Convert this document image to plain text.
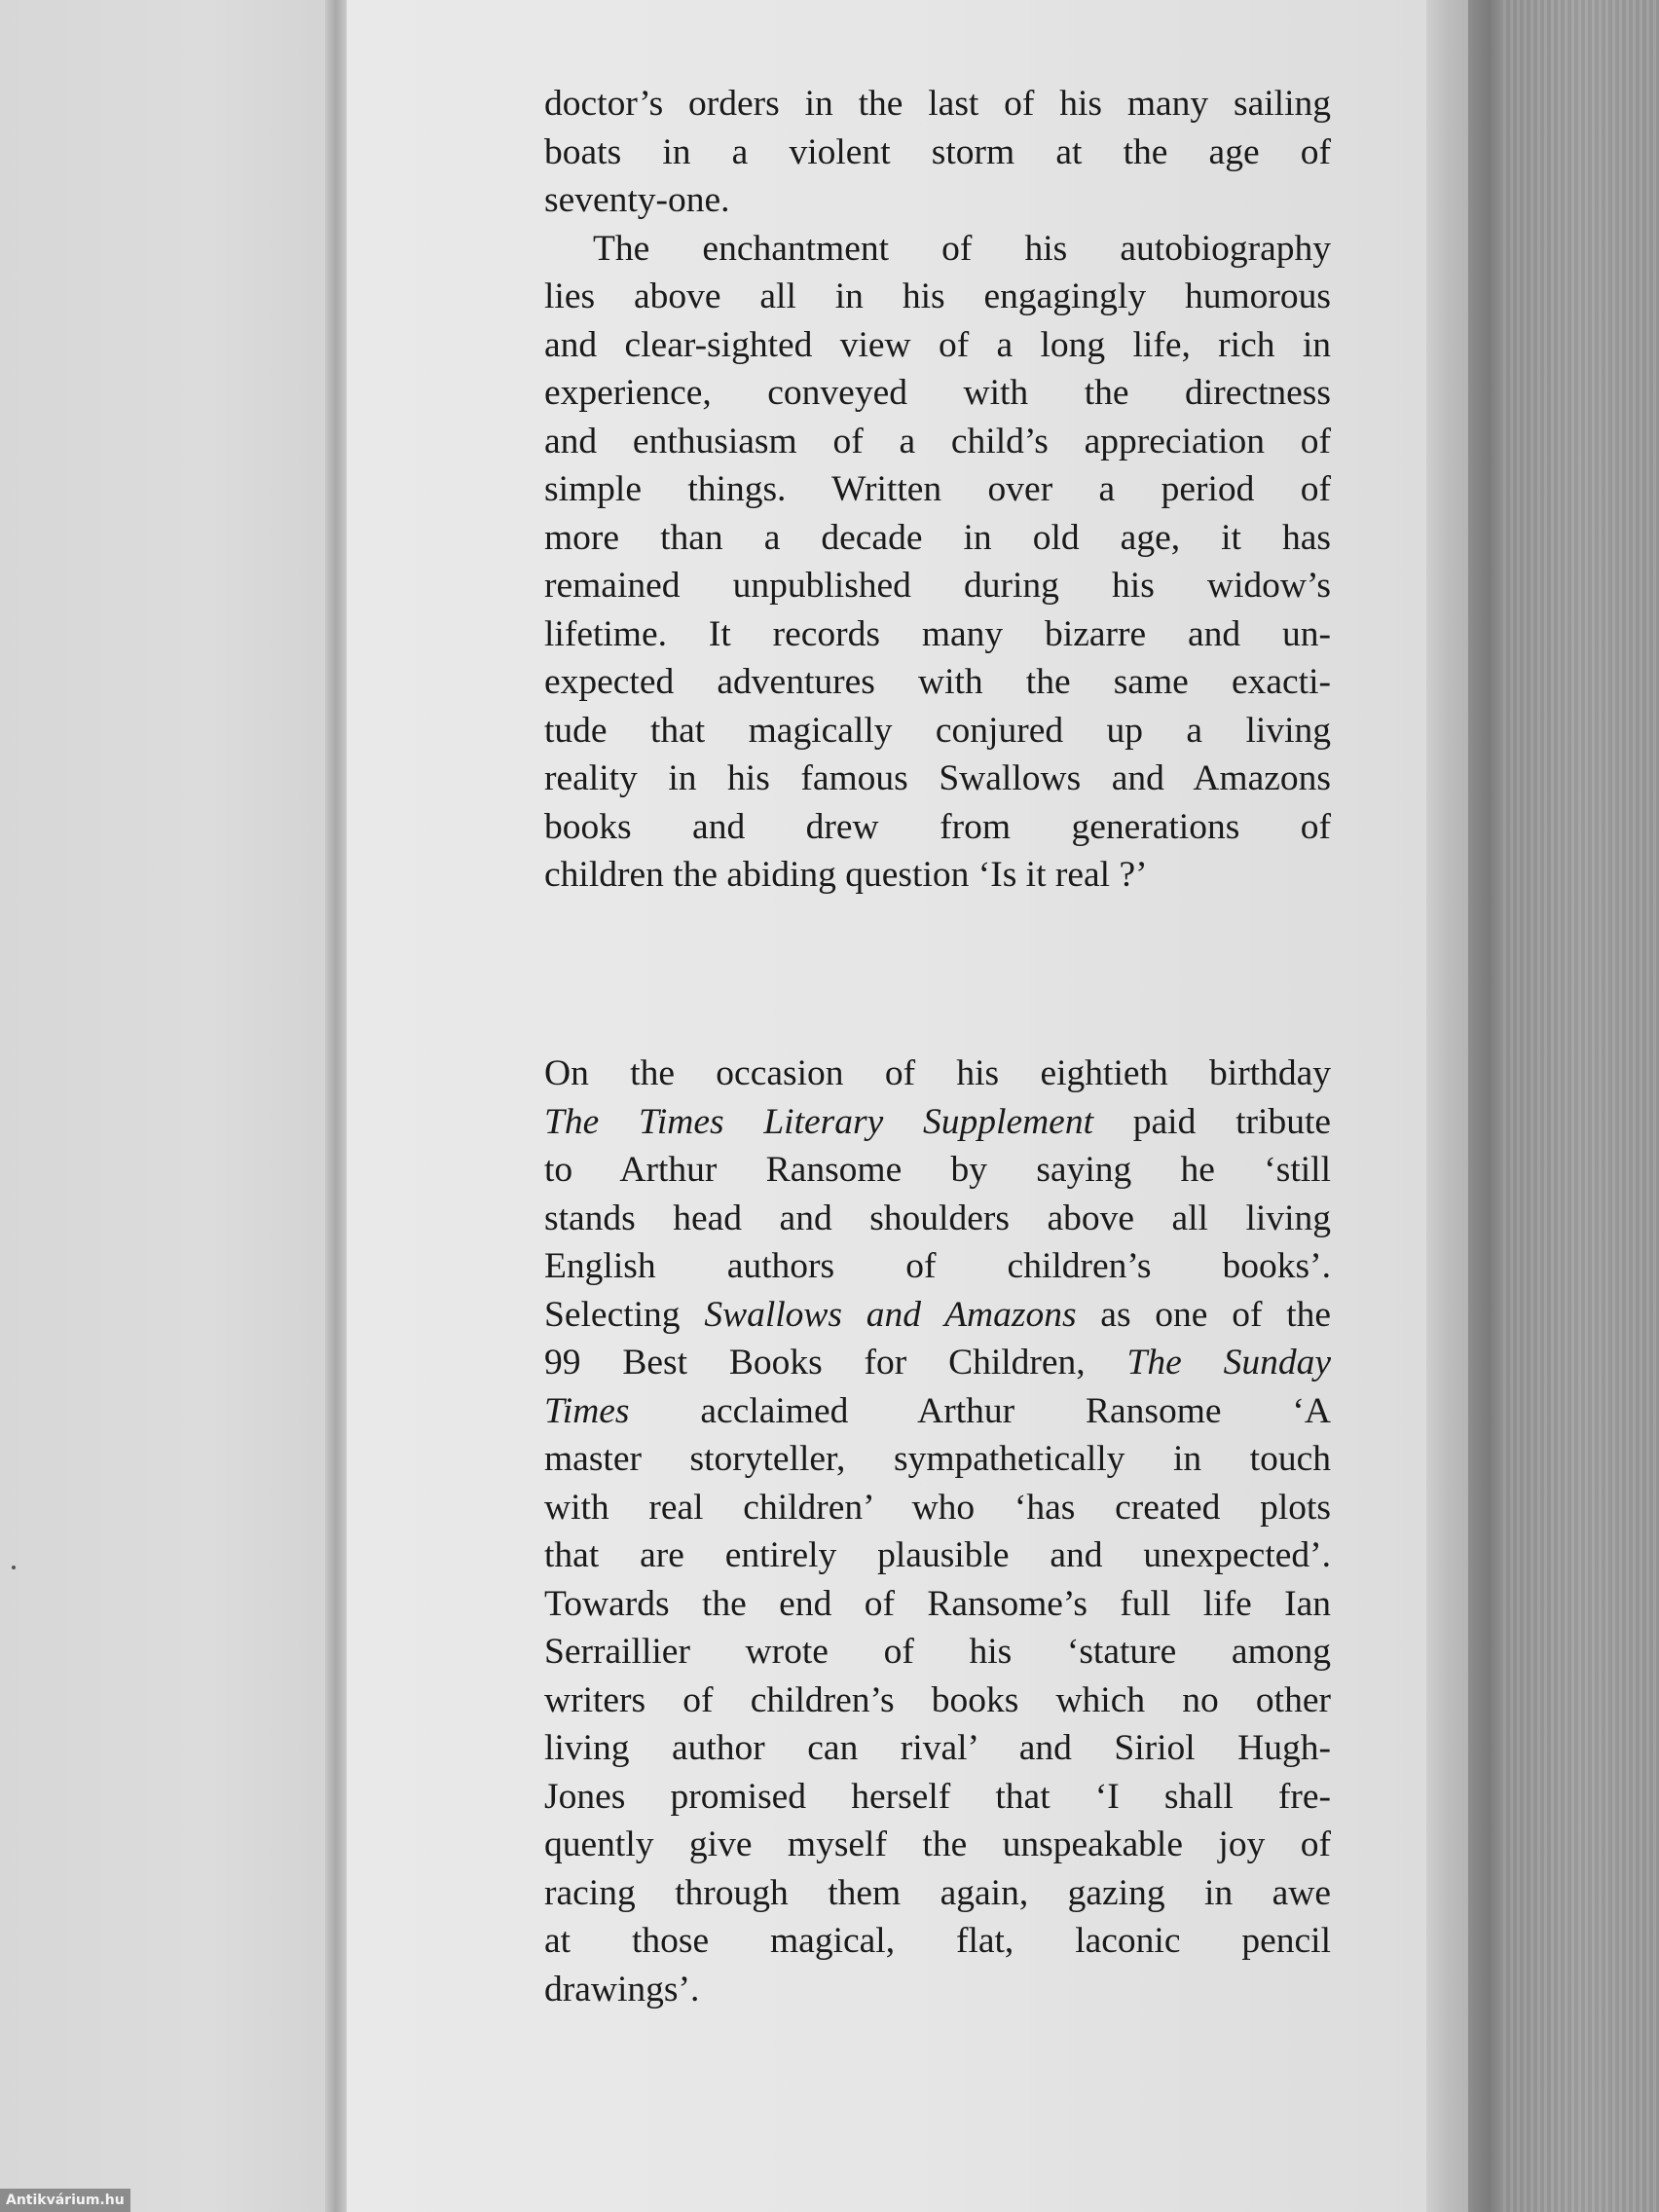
doctor’s orders in the last of his many sailing
boats in a violent storm at the age of
seventy-one.
The enchantment of his autobiography
lies above all in his engagingly humorous
and clear-sighted view of a long life, rich in
experience, conveyed with the directness
and enthusiasm of a child’s appreciation of
simple things. Written over a period of
more than a decade in old age, it has
remained unpublished during his widow’s
lifetime. It records many bizarre and un-
expected adventures with the same exacti-
tude that magically conjured up a living
reality in his famous Swallows and Amazons
books and drew from generations of
children the abiding question ‘Is it real ?’
On the occasion of his eightieth birthday
The Times Literary Supplement paid tribute
to Arthur Ransome by saying he ‘still
stands head and shoulders above all living
English authors of children’s books’.
Selecting Swallows and Amazons as one of the
99 Best Books for Children, The Sunday
Times acclaimed Arthur Ransome ‘A
master storyteller, sympathetically in touch
with real children’ who ‘has created plots
that are entirely plausible and unexpected’.
Towards the end of Ransome’s full life Ian
Serraillier wrote of his ‘stature among
writers of children’s books which no other
living author can rival’ and Siriol Hugh-
Jones promised herself that ‘I shall fre-
quently give myself the unspeakable joy of
racing through them again, gazing in awe
at those magical, flat, laconic pencil
drawings’.
Antikvárium.hu
